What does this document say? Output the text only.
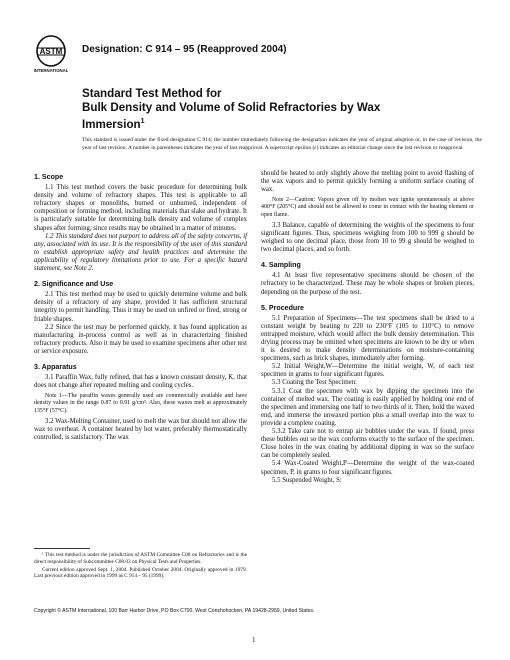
ASTM
INTERNATIONAL
Designation: C 914 – 95 (Reapproved 2004)
Standard Test Method for
Bulk Density and Volume of Solid Refractories by Wax
Immersion$^1$
This standard is issued under the fixed designation C 914; the number immediately following the designation indicates the year of original adoption or, in the case of revision, the year of last revision. A number in parentheses indicates the year of last reapproval. A superscript epsilon (ε) indicates an editorial change since the last revision or reapproval.
1. Scope

1.1 This test method covers the basic procedure for determining bulk density and volume of refractory shapes. This test is applicable to all refractory shapes or monoliths, burned or unburned, independent of composition or forming method, including materials that slake and hydrate. It is particularly suitable for determining bulk density and volume of complex shapes after forming, since results may be obtained in a matter of minutes.

1.2 This standard does not purport to address all of the safety concerns, if any, associated with its use. It is the responsibility of the user of this standard to establish appropriate safety and health practices and determine the applicability of regulatory limitations prior to use. For a specific hazard statement, see Note 2.

2. Significance and Use

2.1 This test method may be used to quickly determine volume and bulk density of a refractory of any shape, provided it has sufficient structural integrity to permit handling. Thus it may be used on unfired or fired, strong or friable shapes.

2.2 Since the test may be performed quickly, it has found application as manufacturing in-process control as well as in characterizing finished refractory products. Also it may be used to examine specimens after other test or service exposure.

3. Apparatus

3.1 Paraffin Wax, fully refined, that has a known constant density, K, that does not change after repeated melting and cooling cycles.

Note 1—The paraffin waxes generally used are commercially available and have density values in the range 0.87 to 0.91 g/cm³. Also, these waxes melt at approximately 135°F (57°C).

3.2 Wax-Melting Container, used to melt the wax but should not allow the wax to overheat. A container heated by hot water, preferably thermostatically controlled, is satisfactory. The wax

should be heated to only slightly above the melting point to avoid flashing of the wax vapors and to permit quickly forming a uniform surface coating of wax.

Note 2—Caution: Vapors given off by molten wax ignite spontaneously at above 400°F (205°C) and should not be allowed to come in contact with the heating element or open flame.

3.3 Balance, capable of determining the weights of the specimens to four significant figures. Thus, specimens weighing from 100 to 999 g should be weighed to one decimal place, those from 10 to 99 g should be weighed to two decimal places, and so forth.

4. Sampling

4.1 At least five representative specimens should be chosen of the refractory to be characterized. These may be whole shapes or broken pieces, depending on the purpose of the test.

5. Procedure

5.1 Preparation of Specimens—The test specimens shall be dried to a constant weight by heating to 220 to 230°F (105 to 110°C) to remove entrapped moisture, which would affect the bulk density determination. This drying process may be omitted when specimens are known to be dry or when it is desired to make density determinations on moisture-containing specimens, such as brick shapes, immediately after forming.

5.2 Initial Weight,W—Determine the initial weight, W, of each test specimen in grams to four significant figures.

5.3 Coating the Test Specimen:

5.3.1 Coat the specimen with wax by dipping the specimen into the container of melted wax. The coating is easily applied by holding one end of the specimen and immersing one half to two thirds of it. Then, hold the waxed end, and immerse the unwaxed portion plus a small overlap into the wax to provide a complete coating.

5.3.2 Take care not to entrap air bubbles under the wax. If found, press these bubbles out so the wax conforms exactly to the surface of the specimen. Close holes in the wax coating by additional dipping in wax so the surface can be completely sealed.

5.4 Wax-Coated Weight,P—Determine the weight of the wax-coated specimen, P, in grams to four significant figures.

5.5 Suspended Weight, S:

¹ This test method is under the jurisdiction of ASTM Committee C08 on Refractories and is the direct responsibility of Subcommittee C08.03 on Physical Tests and Properties.

Current edition approved Sept. 1, 2004. Published October 2004. Originally approved in 1979. Last previous edition approved in 1999 as C 914 – 95 (1999).

Copyright © ASTM International, 100 Barr Harbor Drive, PO Box C700, West Conshohocken, PA 19428-2959, United States.
1
